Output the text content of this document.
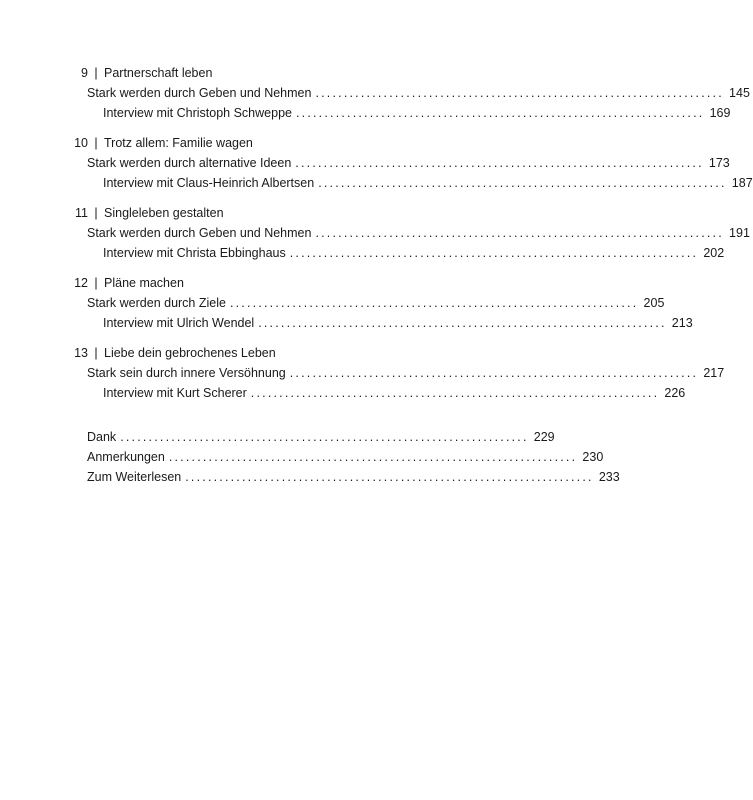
9 | Partnerschaft leben
Stark werden durch Geben und Nehmen ........................................................................ 145
Interview mit Christoph Schweppe ........................................................................ 169
10 | Trotz allem: Familie wagen
Stark werden durch alternative Ideen ........................................................................ 173
Interview mit Claus-Heinrich Albertsen ........................................................................ 187
11 | Singleleben gestalten
Stark werden durch Geben und Nehmen ........................................................................ 191
Interview mit Christa Ebbinghaus ........................................................................ 202
12 | Pläne machen
Stark werden durch Ziele ........................................................................ 205
Interview mit Ulrich Wendel ........................................................................ 213
13 | Liebe dein gebrochenes Leben
Stark sein durch innere Versöhnung ........................................................................ 217
Interview mit Kurt Scherer ........................................................................ 226
Dank ........................................................................ 229
Anmerkungen ........................................................................ 230
Zum Weiterlesen ........................................................................ 233
